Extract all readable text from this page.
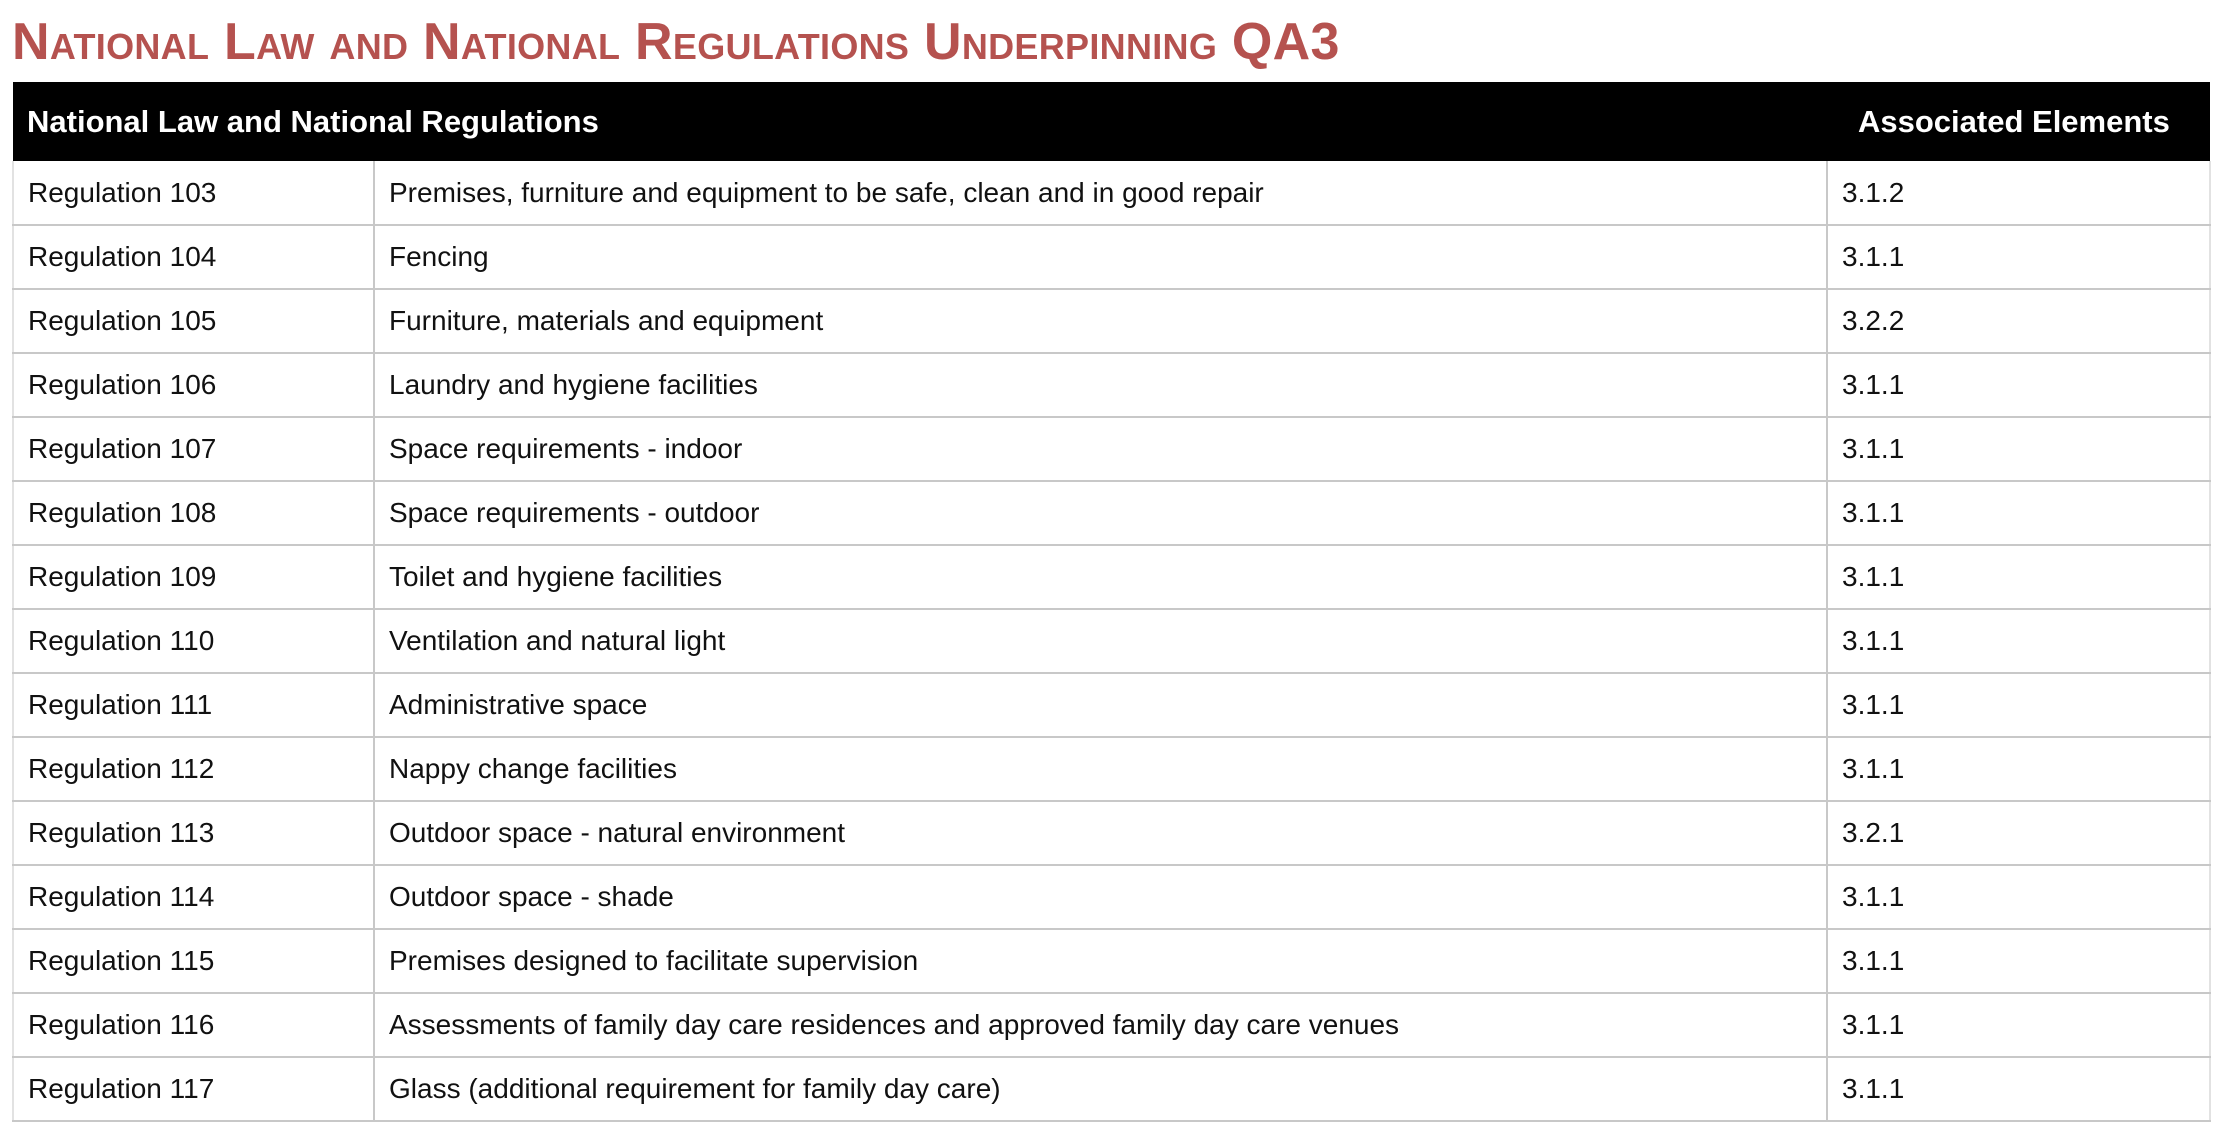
National Law and National Regulations Underpinning QA3
National Law and National Regulations		Associated Elements
Regulation 103	Premises, furniture and equipment to be safe, clean and in good repair	3.1.2
Regulation 104	Fencing	3.1.1
Regulation 105	Furniture, materials and equipment	3.2.2
Regulation 106	Laundry and hygiene facilities	3.1.1
Regulation 107	Space requirements - indoor	3.1.1
Regulation 108	Space requirements - outdoor	3.1.1
Regulation 109	Toilet and hygiene facilities	3.1.1
Regulation 110	Ventilation and natural light	3.1.1
Regulation 111	Administrative space	3.1.1
Regulation 112	Nappy change facilities	3.1.1
Regulation 113	Outdoor space - natural environment	3.2.1
Regulation 114	Outdoor space - shade	3.1.1
Regulation 115	Premises designed to facilitate supervision	3.1.1
Regulation 116	Assessments of family day care residences and approved family day care venues	3.1.1
Regulation 117	Glass (additional requirement for family day care)	3.1.1
